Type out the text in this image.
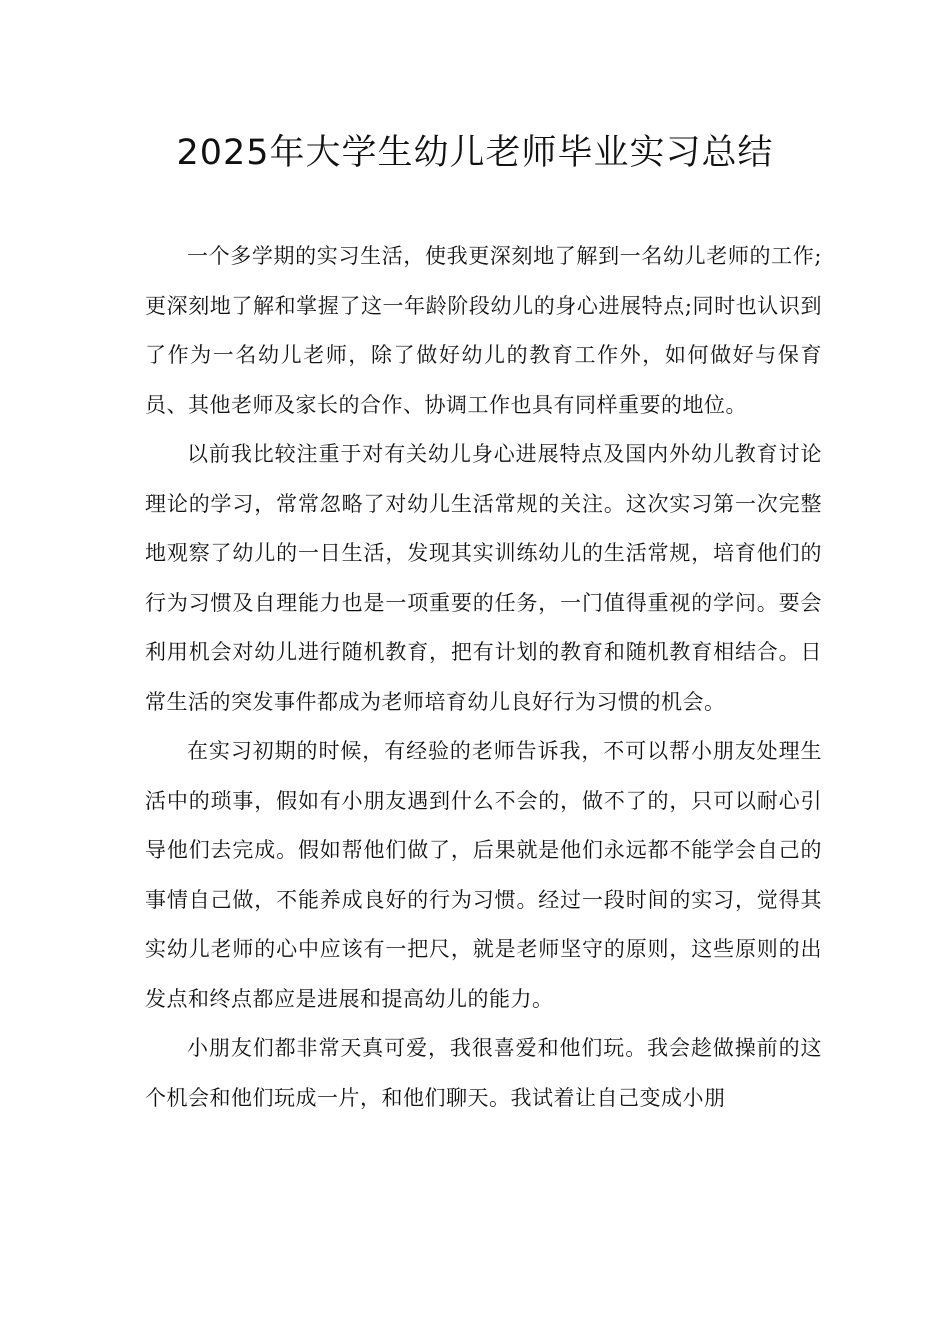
2025年大学生幼儿老师毕业实习总结

一个多学期的实习生活，使我更深刻地了解到一名幼儿老师的工作;更深刻地了解和掌握了这一年龄阶段幼儿的身心进展特点;同时也认识到了作为一名幼儿老师，除了做好幼儿的教育工作外，如何做好与保育员、其他老师及家长的合作、协调工作也具有同样重要的地位。

以前我比较注重于对有关幼儿身心进展特点及国内外幼儿教育讨论理论的学习，常常忽略了对幼儿生活常规的关注。这次实习第一次完整地观察了幼儿的一日生活，发现其实训练幼儿的生活常规，培育他们的行为习惯及自理能力也是一项重要的任务，一门值得重视的学问。要会利用机会对幼儿进行随机教育，把有计划的教育和随机教育相结合。日常生活的突发事件都成为老师培育幼儿良好行为习惯的机会。

在实习初期的时候，有经验的老师告诉我，不可以帮小朋友处理生活中的琐事，假如有小朋友遇到什么不会的，做不了的，只可以耐心引导他们去完成。假如帮他们做了，后果就是他们永远都不能学会自己的事情自己做，不能养成良好的行为习惯。经过一段时间的实习，觉得其实幼儿老师的心中应该有一把尺，就是老师坚守的原则，这些原则的出发点和终点都应是进展和提高幼儿的能力。

小朋友们都非常天真可爱，我很喜爱和他们玩。我会趁做操前的这个机会和他们玩成一片，和他们聊天。我试着让自己变成小朋
